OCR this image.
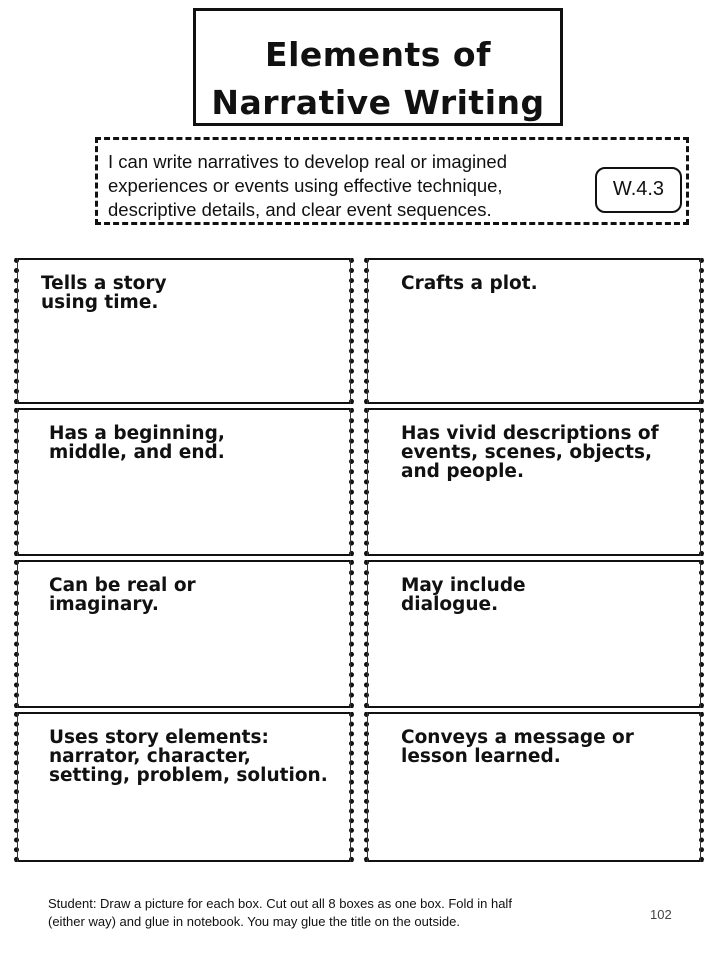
Elements of
Narrative Writing
I can write narratives to develop real or imagined
experiences or events using effective technique,
descriptive details, and clear event sequences.
W.4.3
Tells a story
using time.
Crafts a plot.
Has a beginning,
middle, and end.
Has vivid descriptions of
events, scenes, objects,
and people.
Can be real or
imaginary.
May include
dialogue.
Uses story elements:
narrator, character,
setting, problem, solution.
Conveys a message or
lesson learned.
Student: Draw a picture for each box. Cut out all 8 boxes as one box. Fold in half
(either way) and glue in notebook. You may glue the title on the outside.	102
